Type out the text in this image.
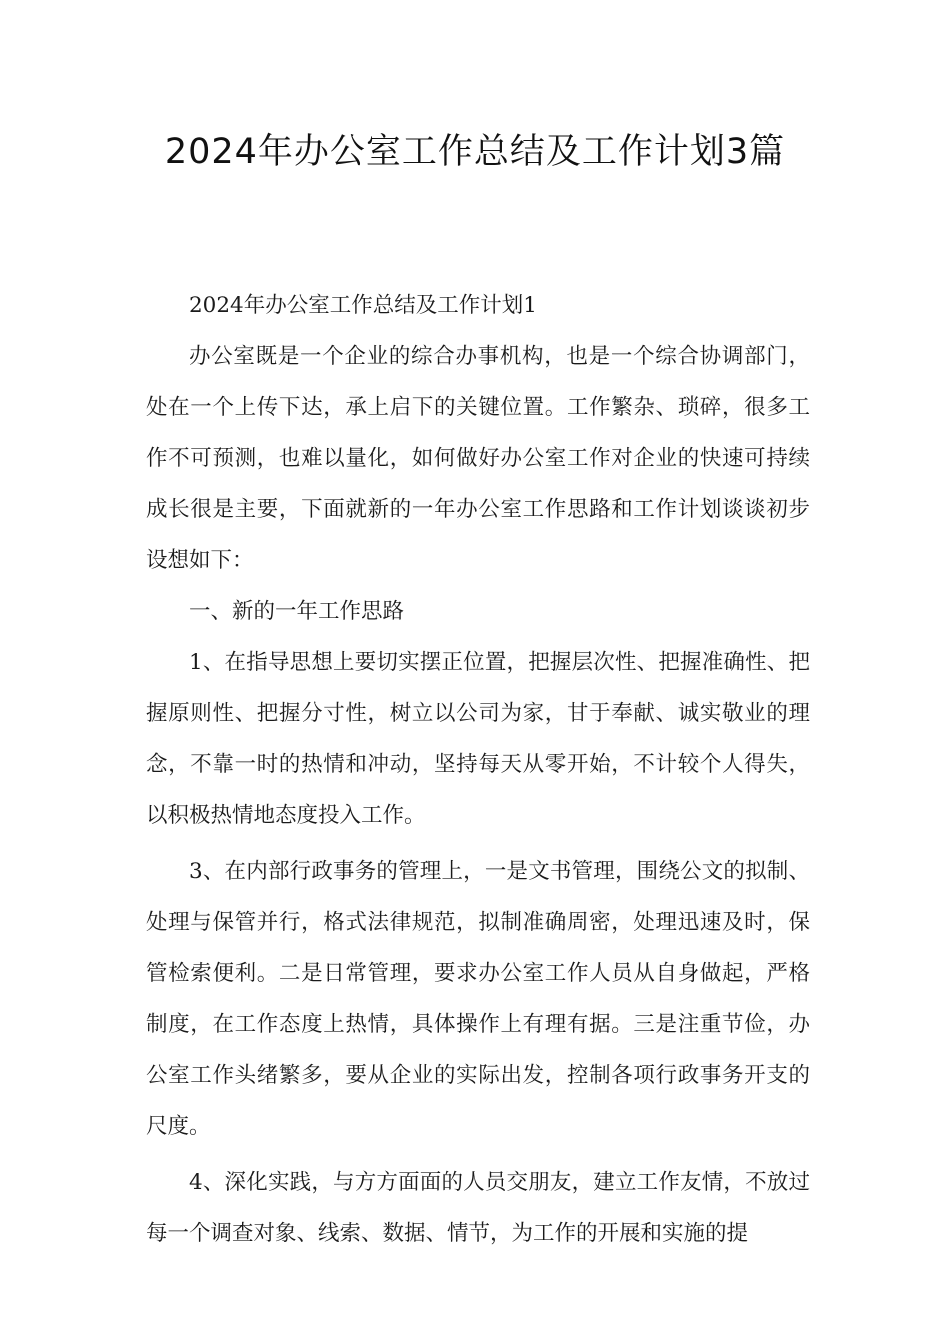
2024年办公室工作总结及工作计划3篇

2024年办公室工作总结及工作计划1

办公室既是一个企业的综合办事机构，也是一个综合协调部门，处在一个上传下达，承上启下的关键位置。工作繁杂、琐碎，很多工作不可预测，也难以量化，如何做好办公室工作对企业的快速可持续成长很是主要，下面就新的一年办公室工作思路和工作计划谈谈初步设想如下：

一、新的一年工作思路

1、在指导思想上要切实摆正位置，把握层次性、把握准确性、把握原则性、把握分寸性，树立以公司为家，甘于奉献、诚实敬业的理念，不靠一时的热情和冲动，坚持每天从零开始，不计较个人得失，以积极热情地态度投入工作。

3、在内部行政事务的管理上，一是文书管理，围绕公文的拟制、处理与保管并行，格式法律规范，拟制准确周密，处理迅速及时，保管检索便利。二是日常管理，要求办公室工作人员从自身做起，严格制度，在工作态度上热情，具体操作上有理有据。三是注重节俭，办公室工作头绪繁多，要从企业的实际出发，控制各项行政事务开支的尺度。

4、深化实践，与方方面面的人员交朋友，建立工作友情，不放过每一个调查对象、线索、数据、情节，为工作的开展和实施的提
